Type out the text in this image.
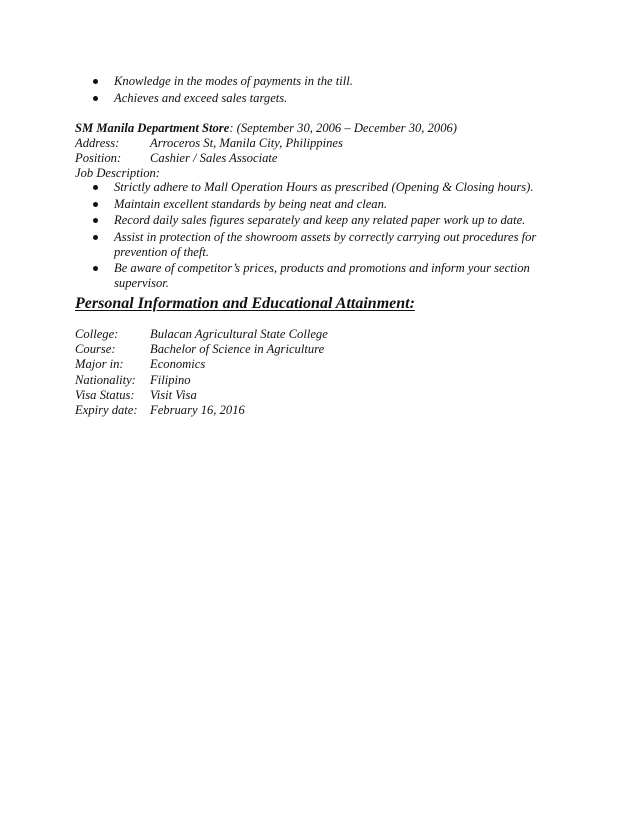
Knowledge in the modes of payments in the till.
Achieves and exceed sales targets.
SM Manila Department Store: (September 30, 2006 – December 30, 2006)
Address:	Arroceros St, Manila City, Philippines
Position:	Cashier / Sales Associate
Job Description:
Strictly adhere to Mall Operation Hours as prescribed (Opening & Closing hours).
Maintain excellent standards by being neat and clean.
Record daily sales figures separately and keep any related paper work up to date.
Assist in protection of the showroom assets by correctly carrying out procedures for prevention of theft.
Be aware of competitor’s prices, products and promotions and inform your section supervisor.
Personal Information and Educational Attainment:
College:	Bulacan Agricultural State College
Course:	Bachelor of Science in Agriculture
Major in:	Economics
Nationality:	Filipino
Visa Status:	Visit Visa
Expiry date: February 16, 2016
